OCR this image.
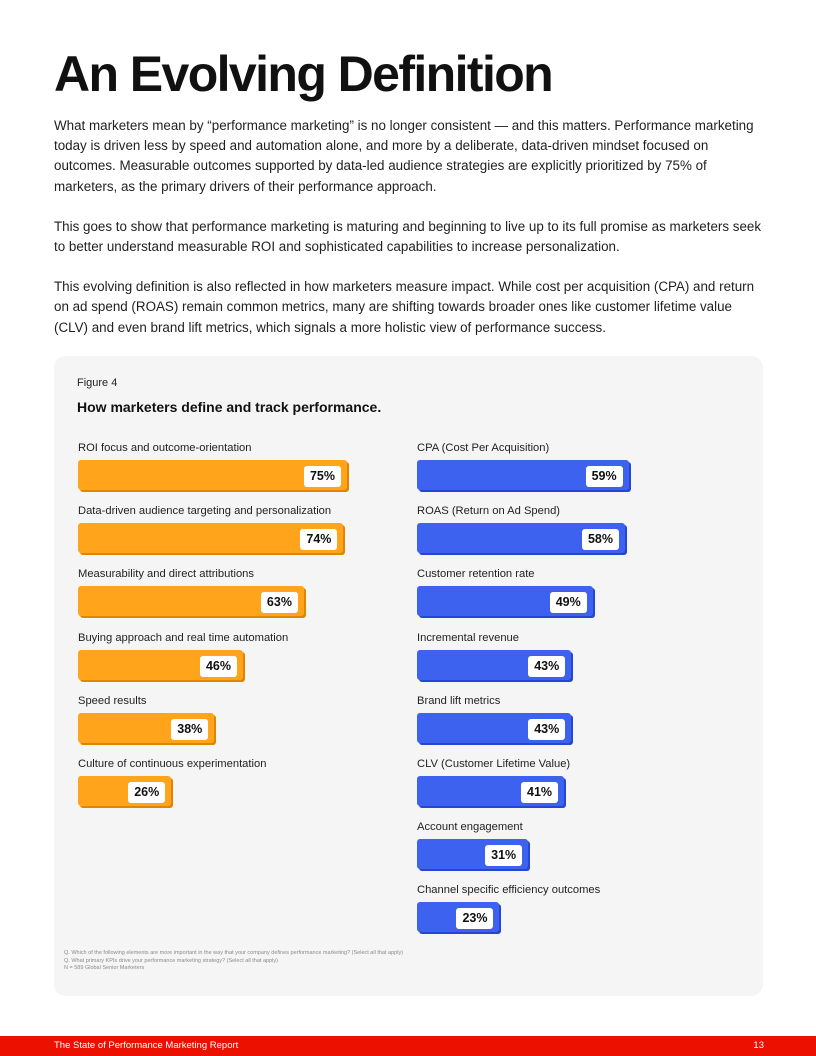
An Evolving Definition

What marketers mean by “performance marketing” is no longer consistent — and this matters. Performance marketing today is driven less by speed and automation alone, and more by a deliberate, data-driven mindset focused on outcomes. Measurable outcomes supported by data-led audience strategies are explicitly prioritized by 75% of marketers, as the primary drivers of their performance approach.

This goes to show that performance marketing is maturing and beginning to live up to its full promise as marketers seek to better understand measurable ROI and sophisticated capabilities to increase personalization.

This evolving definition is also reflected in how marketers measure impact. While cost per acquisition (CPA) and return on ad spend (ROAS) remain common metrics, many are shifting towards broader ones like customer lifetime value (CLV) and even brand lift metrics, which signals a more holistic view of performance success.

Figure 4
How marketers define and track performance.
ROI focus and outcome-orientation
75%
Data-driven audience targeting and personalization
74%
Measurability and direct attributions
63%
Buying approach and real time automation
46%
Speed results
38%
Culture of continuous experimentation
26%
CPA (Cost Per Acquisition)
59%
ROAS (Return on Ad Spend)
58%
Customer retention rate
49%
Incremental revenue
43%
Brand lift metrics
43%
CLV (Customer Lifetime Value)
41%
Account engagement
31%
Channel specific efficiency outcomes
23%
Q. Which of the following elements are more important in the way that your company defines performance marketing? (Select all that apply)
Q. What primary KPIs drive your performance marketing strategy? (Select all that apply)
N = 589 Global Senior Marketers
The State of Performance Marketing Report	13
